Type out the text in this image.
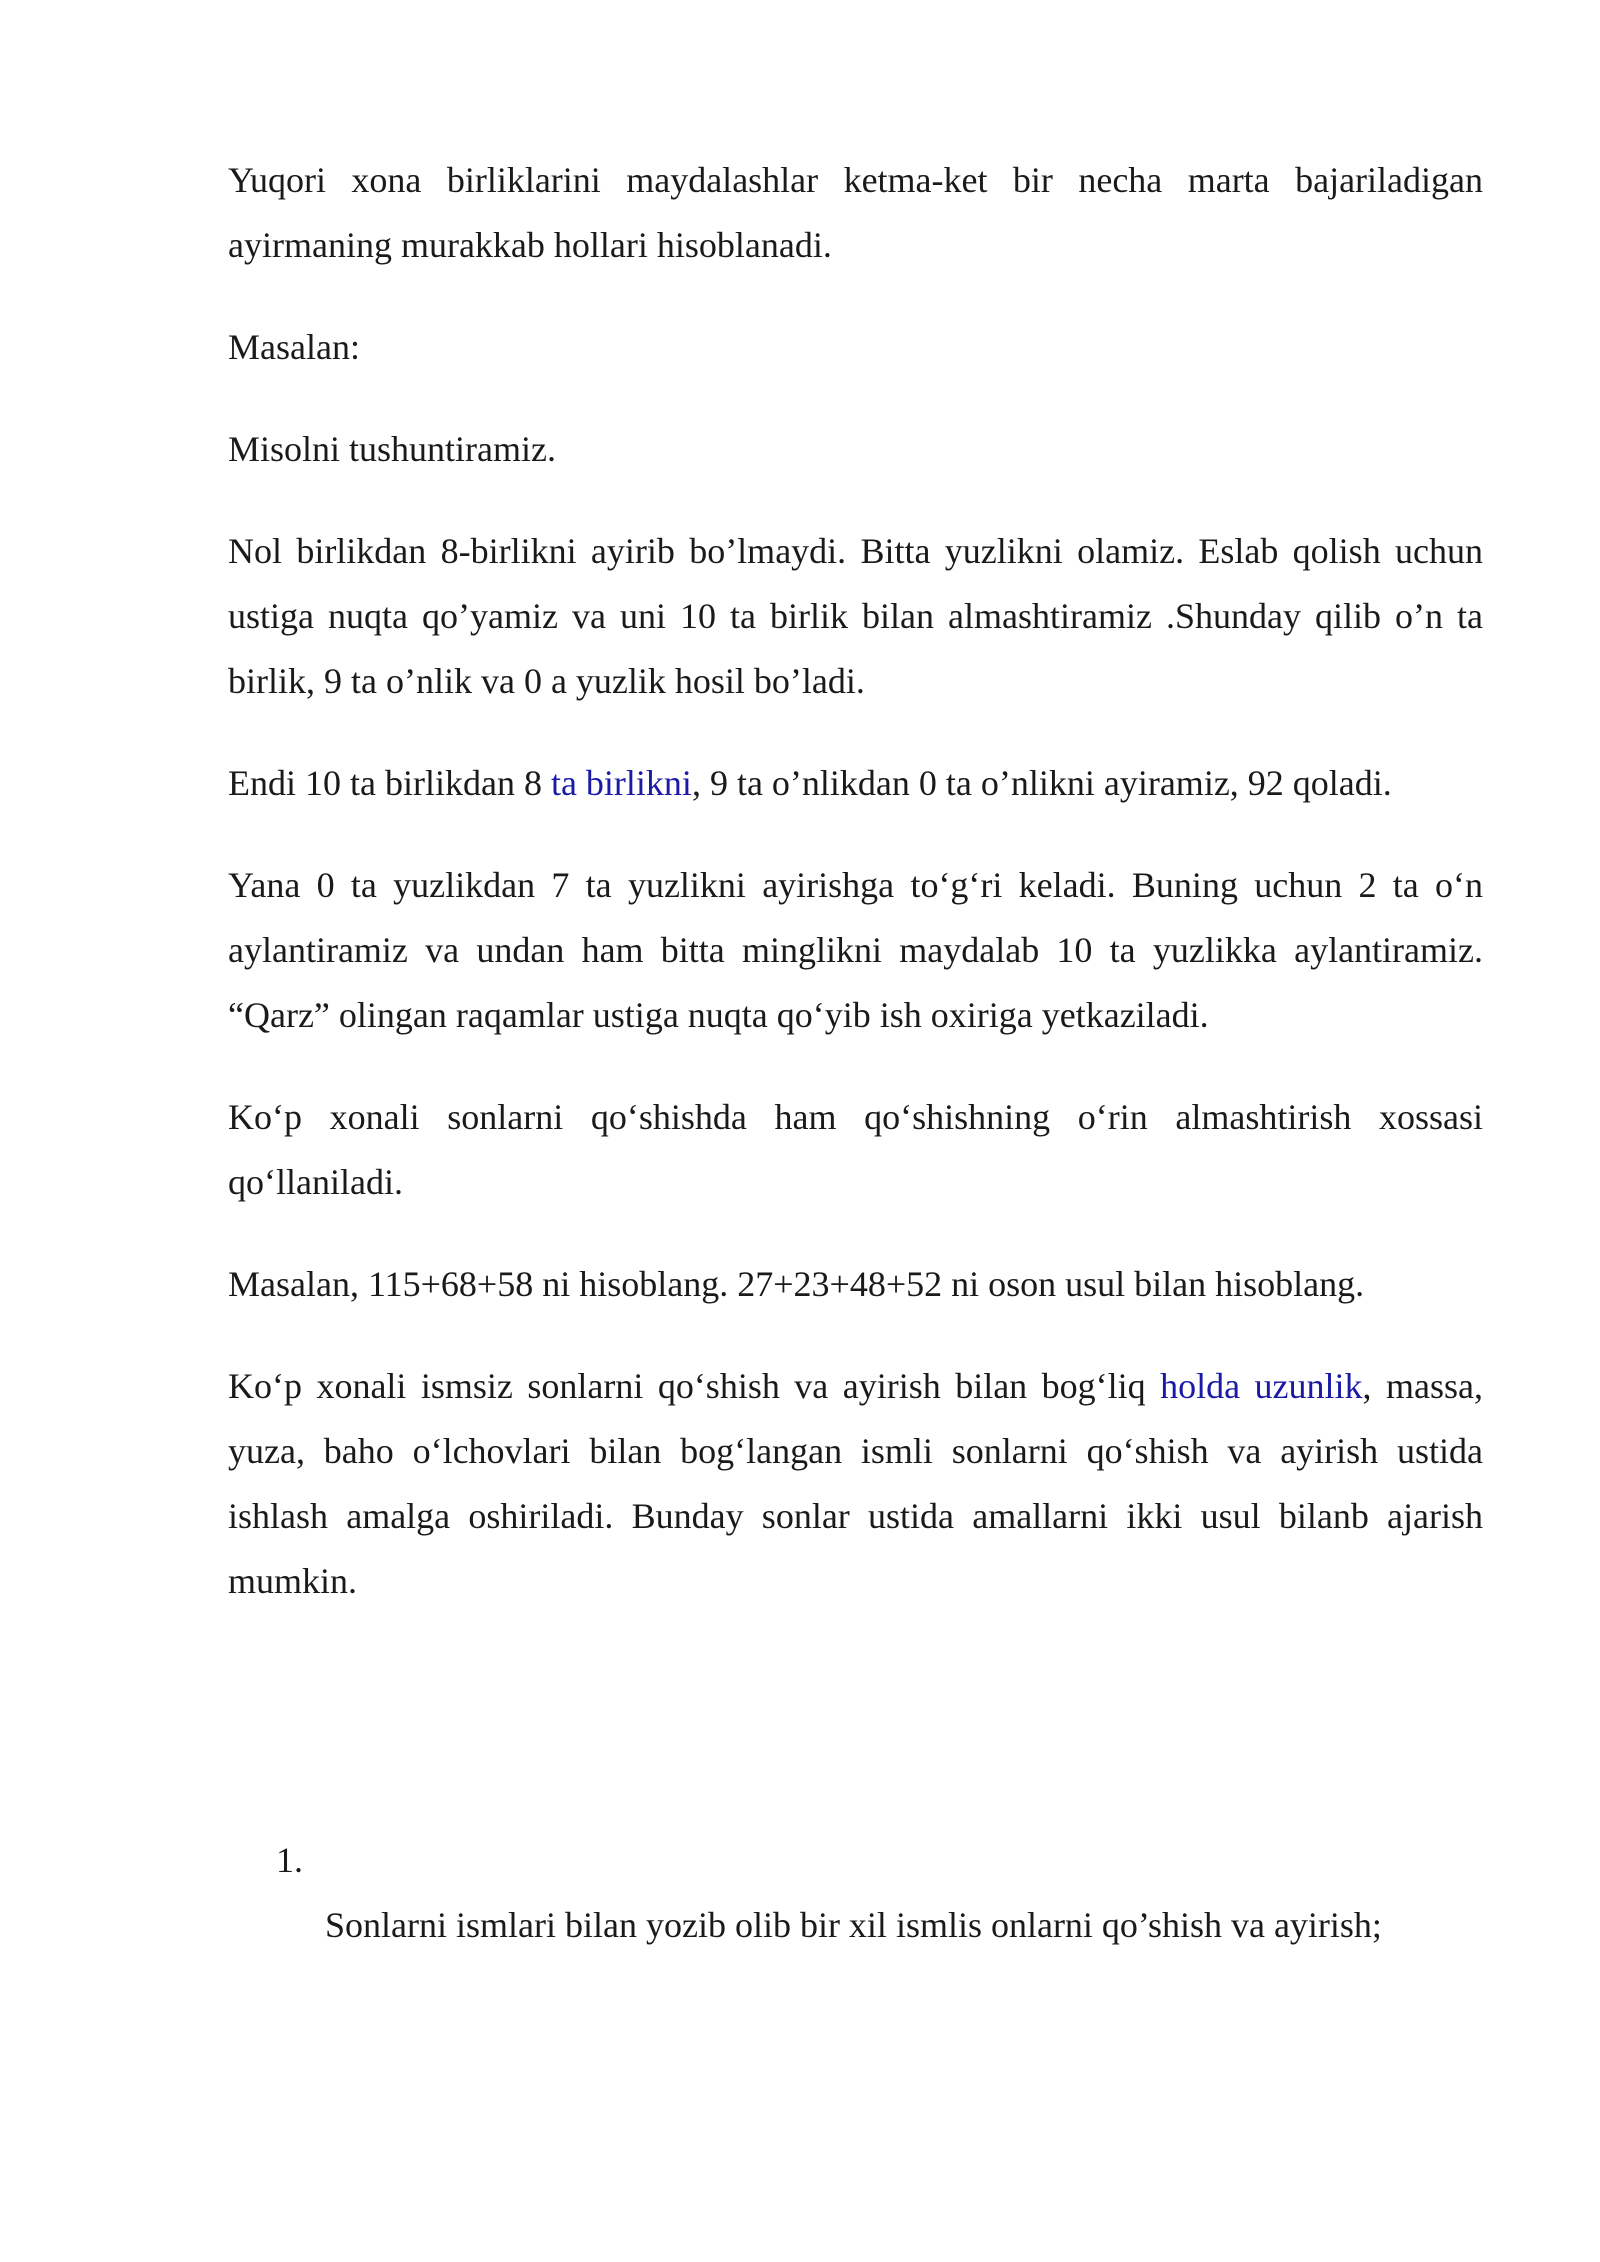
Yuqori xona birliklarini maydalashlar ketma-ket bir necha marta bajariladigan ayirmaning murakkab hollari hisoblanadi.

Masalan:

Misolni tushuntiramiz.

Nol birlikdan 8-birlikni ayirib bo’lmaydi. Bitta yuzlikni olamiz. Eslab qolish uchun ustiga nuqta qo’yamiz va uni 10 ta birlik bilan almashtiramiz .Shunday qilib o’n ta birlik, 9 ta o’nlik va 0 a yuzlik hosil bo’ladi.

Endi 10 ta birlikdan 8 ta birlikni, 9 ta o’nlikdan 0 ta o’nlikni ayiramiz, 92 qoladi.

Yana 0 ta yuzlikdan 7 ta yuzlikni ayirishga to‘g‘ri keladi. Buning uchun 2 ta o‘n aylantiramiz va undan ham bitta minglikni maydalab 10 ta yuzlikka aylantiramiz. “Qarz” olingan raqamlar ustiga nuqta qo‘yib ish oxiriga yetkaziladi.

Ko‘p xonali sonlarni qo‘shishda ham qo‘shishning o‘rin almashtirish xossasi qo‘llaniladi.

Masalan, 115+68+58 ni hisoblang. 27+23+48+52 ni oson usul bilan hisoblang.

Ko‘p xonali ismsiz sonlarni qo‘shish va ayirish bilan bog‘liq holda uzunlik, massa, yuza, baho o‘lchovlari bilan bog‘langan ismli sonlarni qo‘shish va ayirish ustida ishlash amalga oshiriladi. Bunday sonlar ustida amallarni ikki usul bilanb ajarish mumkin.

1.
Sonlarni ismlari bilan yozib olib bir xil ismlis onlarni qo’shish va ayirish;
